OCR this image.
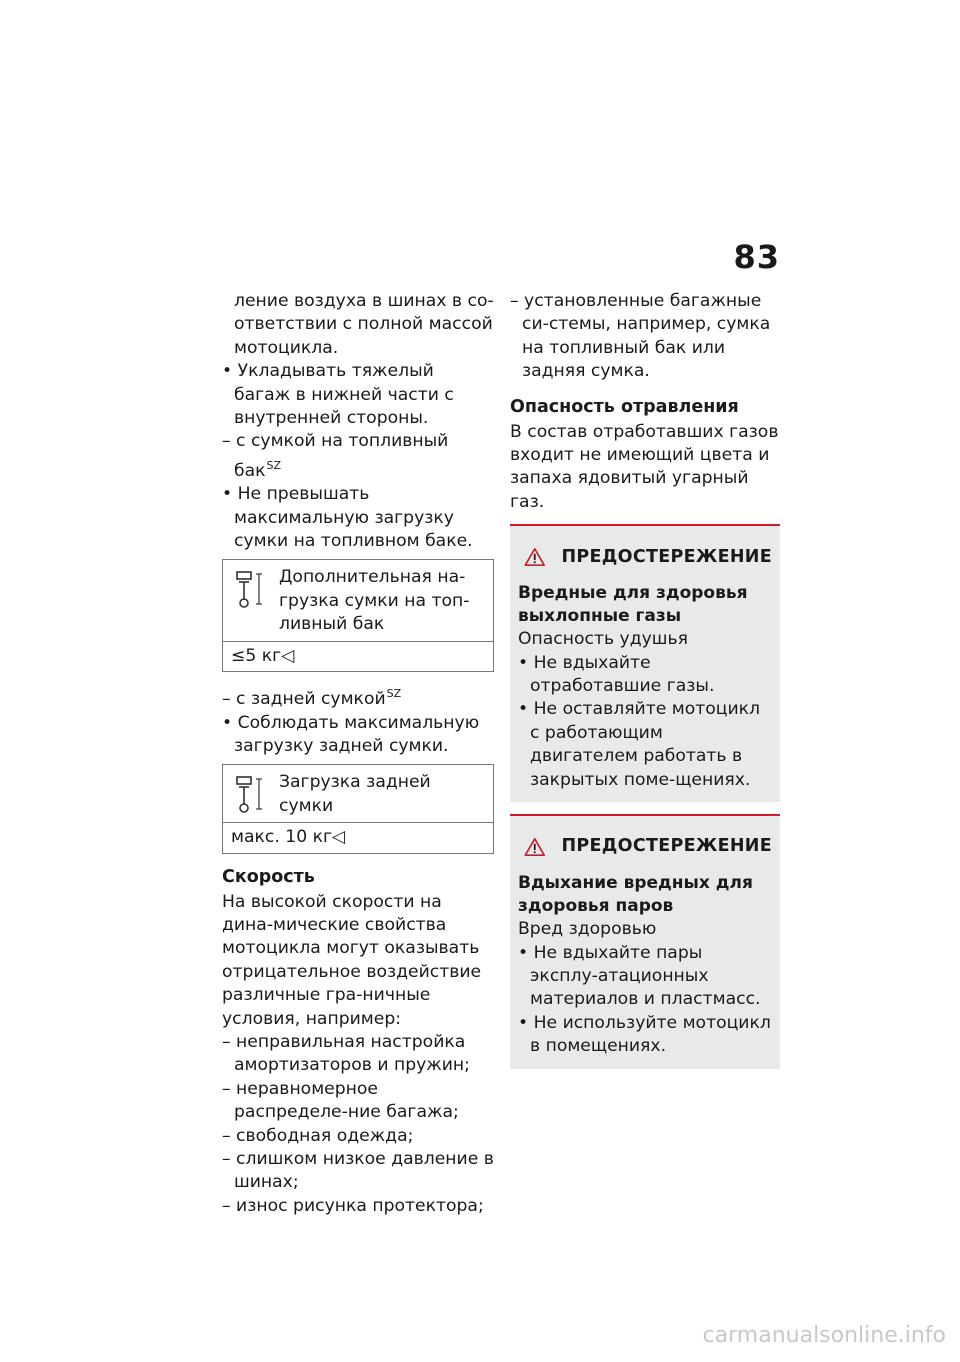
83

ление воздуха в шинах в со-ответствии с полной массой мотоцикла.

• Укладывать тяжелый багаж в нижней части с внутренней стороны.

– с сумкой на топливный бак$^{SZ}$

• Не превышать максимальную загрузку сумки на топливном баке.

Дополнительная на-грузка сумки на топ-ливный бак
≤5 кг◁

– с задней сумкой$^{SZ}$

• Соблюдать максимальную загрузку задней сумки.

Загрузка задней сумки
макс. 10 кг◁
Скорость

На высокой скорости на дина-мические свойства мотоцикла могут оказывать отрицательное воздействие различные гра-ничные условия, например:

– неправильная настройка амортизаторов и пружин;

– неравномерное распределе-ние багажа;

– свободная одежда;

– слишком низкое давление в шинах;

– износ рисунка протектора;

– установленные багажные си-стемы, например, сумка на топливный бак или задняя сумка.

Опасность отравления

В состав отработавших газов входит не имеющий цвета и запаха ядовитый угарный газ.

ПРЕДОСТЕРЕЖЕНИЕ
Вредные для здоровья выхлопные газы

Опасность удушья

• Не вдыхайте отработавшие газы.

• Не оставляйте мотоцикл с работающим двигателем работать в закрытых поме-щениях.

ПРЕДОСТЕРЕЖЕНИЕ
Вдыхание вредных для здоровья паров

Вред здоровью

• Не вдыхайте пары эксплу-атационных материалов и пластмасс.

• Не используйте мотоцикл в помещениях.

carmanualsonline.info
